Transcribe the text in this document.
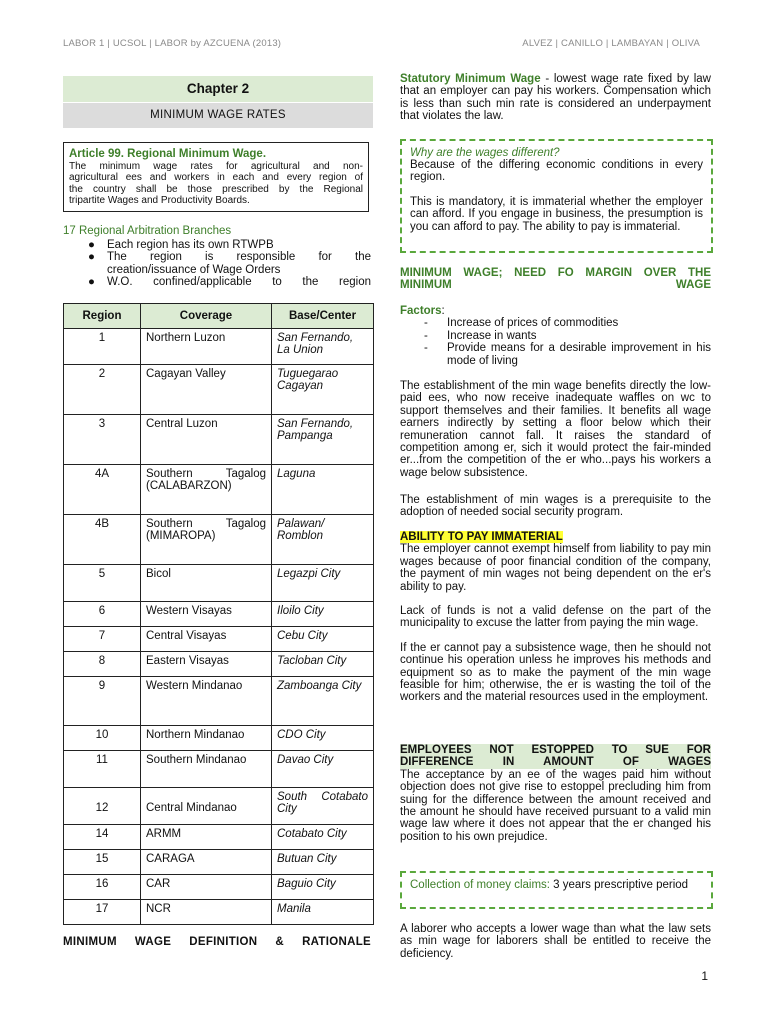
LABOR 1 | UCSOL | LABOR by AZCUENA (2013)	ALVEZ | CANILLO | LAMBAYAN | OLIVA
Chapter 2
MINIMUM WAGE RATES
Article 99. Regional Minimum Wage.
The minimum wage rates for agricultural and non-
agricultural ees and workers in each and every region of
the country shall be those prescribed by the Regional
tripartite Wages and Productivity Boards.
17 Regional Arbitration Branches
● Each region has its own RTWPB
● The region is responsible for the
creation/issuance of Wage Orders
● W.O. confined/applicable to the region
Region	Coverage	Base/Center
1	Northern Luzon	San Fernando, La Union
2	Cagayan Valley	Tuguegarao Cagayan
3	Central Luzon	San Fernando, Pampanga
4A	Southern Tagalog (CALABARZON)	Laguna
4B	Southern Tagalog (MIMAROPA)	Palawan/ Romblon
5	Bicol	Legazpi City
6	Western Visayas	Iloilo City
7	Central Visayas	Cebu City
8	Eastern Visayas	Tacloban City
9	Western Mindanao	Zamboanga City
10	Northern Mindanao	CDO City
11	Southern Mindanao	Davao City
12	Central Mindanao	South Cotabato City
14	ARMM	Cotabato City
15	CARAGA	Butuan City
16	CAR	Baguio City
17	NCR	Manila
MINIMUM WAGE DEFINITION & RATIONALE
Statutory Minimum Wage - lowest wage rate fixed by law that an employer can pay his workers. Compensation which is less than such min rate is considered an underpayment that violates the law.
Why are the wages different?
Because of the differing economic conditions in every region.
This is mandatory, it is immaterial whether the employer can afford. If you engage in business, the presumption is you can afford to pay. The ability to pay is immaterial.
MINIMUM WAGE; NEED FO MARGIN OVER THE MINIMUM WAGE
Factors:
- Increase of prices of commodities
- Increase in wants
- Provide means for a desirable improvement in his mode of living
The establishment of the min wage benefits directly the low-paid ees, who now receive inadequate waffles on wc to support themselves and their families. It benefits all wage earners indirectly by setting a floor below which their remuneration cannot fall. It raises the standard of competition among er, sich it would protect the fair-minded er...from the competition of the er who...pays his workers a wage below subsistence.
The establishment of min wages is a prerequisite to the adoption of needed social security program.
ABILITY TO PAY IMMATERIAL
The employer cannot exempt himself from liability to pay min wages because of poor financial condition of the company, the payment of min wages not being dependent on the er's ability to pay.
Lack of funds is not a valid defense on the part of the municipality to excuse the latter from paying the min wage.
If the er cannot pay a subsistence wage, then he should not continue his operation unless he improves his methods and equipment so as to make the payment of the min wage feasible for him; otherwise, the er is wasting the toil of the workers and the material resources used in the employment.
EMPLOYEES NOT ESTOPPED TO SUE FOR DIFFERENCE IN AMOUNT OF WAGES
The acceptance by an ee of the wages paid him without objection does not give rise to estoppel precluding him from suing for the difference between the amount received and the amount he should have received pursuant to a valid min wage law where it does not appear that the er changed his position to his own prejudice.
Collection of money claims: 3 years prescriptive period
A laborer who accepts a lower wage than what the law sets as min wage for laborers shall be entitled to receive the deficiency.
1
